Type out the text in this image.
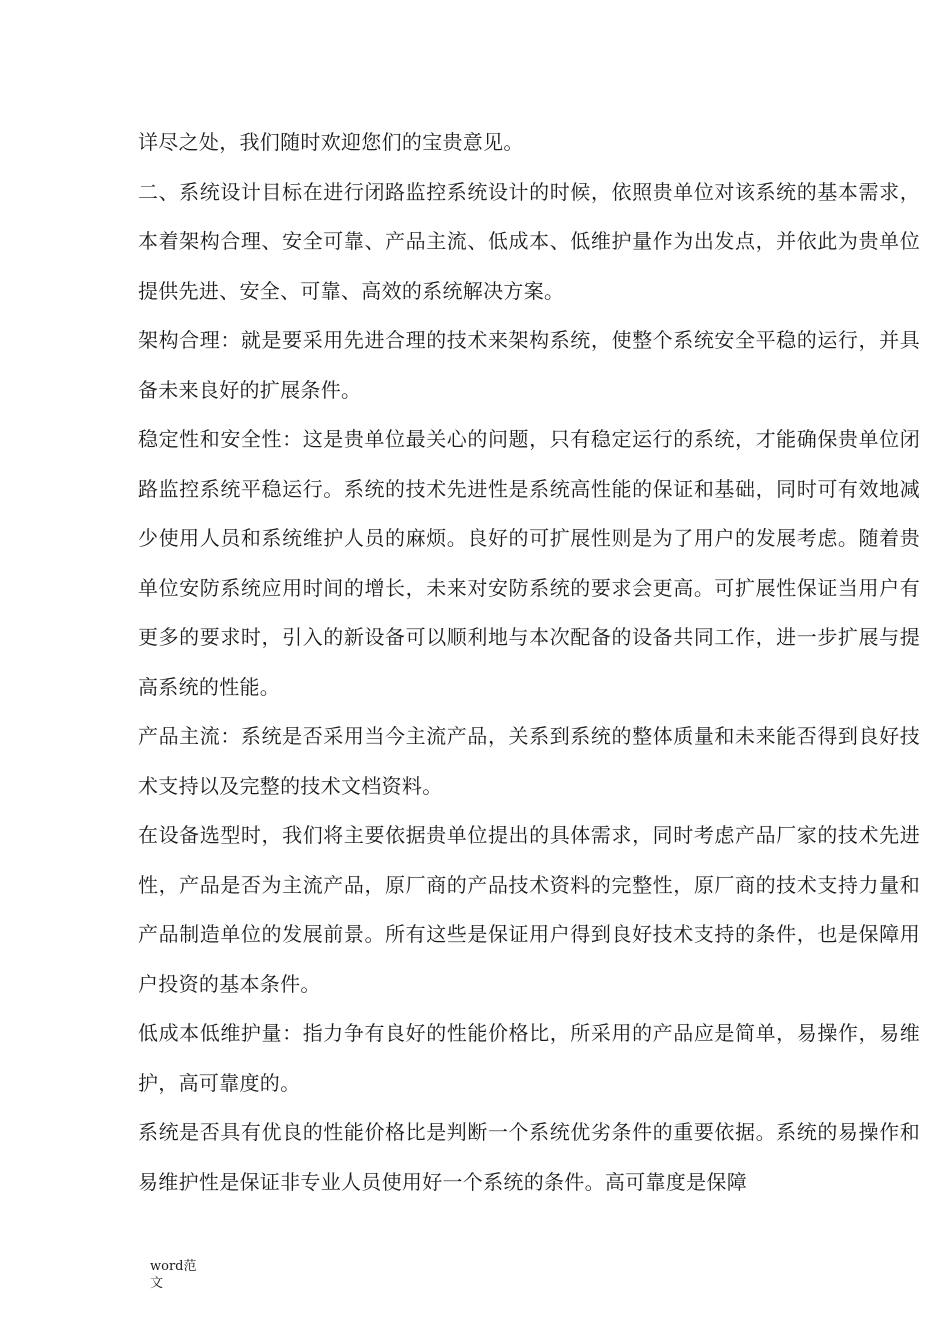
详尽之处，我们随时欢迎您们的宝贵意见。

二、系统设计目标在进行闭路监控系统设计的时候，依照贵单位对该系统的基本需求，本着架构合理、安全可靠、产品主流、低成本、低维护量作为出发点，并依此为贵单位提供先进、安全、可靠、高效的系统解决方案。

架构合理：就是要采用先进合理的技术来架构系统，使整个系统安全平稳的运行，并具备未来良好的扩展条件。

稳定性和安全性：这是贵单位最关心的问题，只有稳定运行的系统，才能确保贵单位闭路监控系统平稳运行。系统的技术先进性是系统高性能的保证和基础，同时可有效地减少使用人员和系统维护人员的麻烦。良好的可扩展性则是为了用户的发展考虑。随着贵单位安防系统应用时间的增长，未来对安防系统的要求会更高。可扩展性保证当用户有更多的要求时，引入的新设备可以顺利地与本次配备的设备共同工作，进一步扩展与提高系统的性能。

产品主流：系统是否采用当今主流产品，关系到系统的整体质量和未来能否得到良好技术支持以及完整的技术文档资料。

在设备选型时，我们将主要依据贵单位提出的具体需求，同时考虑产品厂家的技术先进性，产品是否为主流产品，原厂商的产品技术资料的完整性，原厂商的技术支持力量和产品制造单位的发展前景。所有这些是保证用户得到良好技术支持的条件，也是保障用户投资的基本条件。

低成本低维护量：指力争有良好的性能价格比，所采用的产品应是简单，易操作，易维护，高可靠度的。

系统是否具有优良的性能价格比是判断一个系统优劣条件的重要依据。系统的易操作和易维护性是保证非专业人员使用好一个系统的条件。高可靠度是保障

word范文
